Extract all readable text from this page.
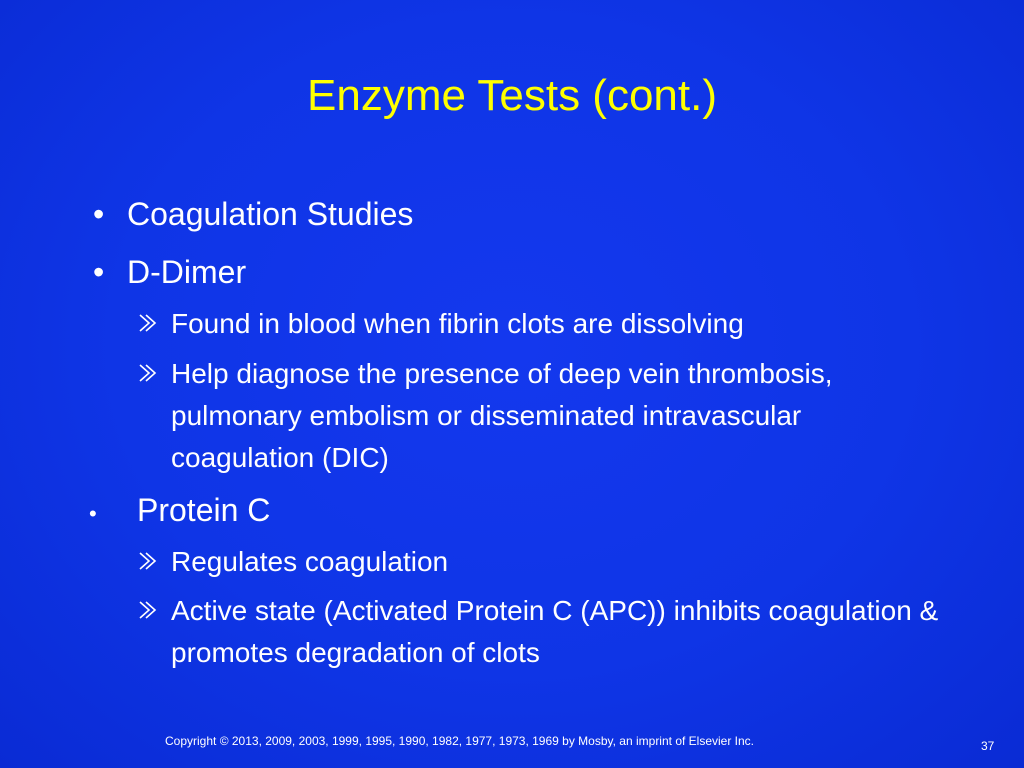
Enzyme Tests (cont.)
• Coagulation Studies
• D-Dimer
Found in blood when fibrin clots are dissolving
Help diagnose the presence of deep vein thrombosis, pulmonary embolism or disseminated intravascular coagulation (DIC)
• Protein C
Regulates coagulation
Active state (Activated Protein C (APC)) inhibits coagulation & promotes degradation of clots
Copyright © 2013, 2009, 2003, 1999, 1995, 1990, 1982, 1977, 1973, 1969 by Mosby, an imprint of Elsevier Inc.	37
